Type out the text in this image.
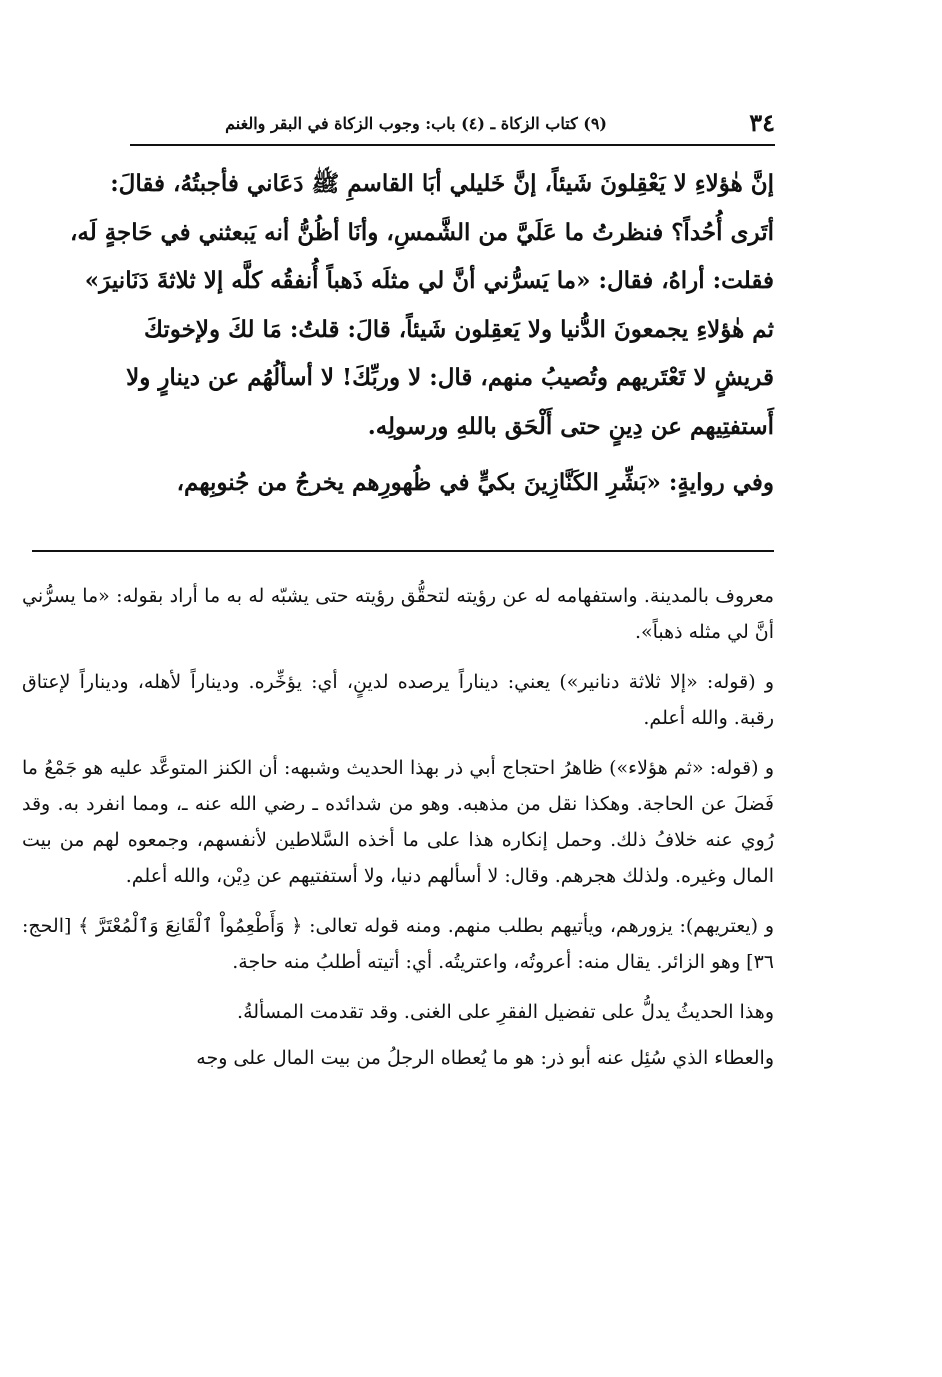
٣٤
(٩) كتاب الزكاة ـ (٤) باب: وجوب الزكاة في البقر والغنم

إنَّ هٰؤلاءِ لا يَعْقِلونَ شَيئاً، إنَّ خَليلي أبَا القاسمِ ﷺ دَعَاني فأجبتُهُ، فقالَ:

أتَرى أُحُداً؟ فنظرتُ ما عَلَيَّ من الشَّمسِ، وأنَا أظُنُّ أنه يَبعثني في حَاجةٍ لَه،

فقلت: أراهُ، فقال: «ما يَسرُّني أنَّ لي مثلَه ذَهباً أُنفقُه كلَّه إلا ثلاثةَ دَنَانيرَ»

ثم هٰؤلاءِ يجمعونَ الدُّنيا ولا يَعقِلون شَيئاً، قالَ: قلتُ: مَا لكَ ولإخوتكَ

قريشٍ لا تَعْتَريهم وتُصيبُ منهم، قال: لا وربِّكَ! لا أسألُهُم عن دينارٍ ولا

أَستفتِيهم عن دِينٍ حتى أَلْحَق باللهِ ورسولِه.

وفي روايةٍ: «بَشِّرِ الكَنَّازِينَ بكيٍّ في ظُهورِهم يخرجُ من جُنوبِهم،

معروف بالمدينة. واستفهامه له عن رؤيته لتحقُّق رؤيته حتى يشبّه له به ما أراد بقوله: «ما يسرُّني أنَّ لي مثله ذهباً».

و (قوله: «إلا ثلاثة دنانير») يعني: ديناراً يرصده لدينٍ، أي: يؤخِّره. وديناراً لأهله، وديناراً لإعتاق رقبة. والله أعلم.

و (قوله: «ثم هؤلاء») ظاهرُ احتجاج أبي ذر بهذا الحديث وشبهه: أن الكنز المتوعَّد عليه هو جَمْعُ ما فَضلَ عن الحاجة. وهكذا نقل من مذهبه. وهو من شدائده ـ رضي الله عنه ـ، ومما انفرد به. وقد رُوي عنه خلافُ ذلك. وحمل إنكاره هذا على ما أخذه السَّلاطين لأنفسهم، وجمعوه لهم من بيت المال وغيره. ولذلك هجرهم. وقال: لا أسألهم دنيا، ولا أستفتيهم عن دِيْن، والله أعلم.

و (يعتريهم): يزورهم، ويأتيهم بطلب منهم. ومنه قوله تعالى: ﴿ وَأَطْعِمُواْ ٱلْقَانِعَ وَٱلْمُعْتَرَّ ﴾ [الحج: ٣٦] وهو الزائر. يقال منه: أعروتُه، واعتريتُه. أي: أتيته أطلبُ منه حاجة.

وهذا الحديثُ يدلُّ على تفضيل الفقرِ على الغنى. وقد تقدمت المسألةُ.

والعطاء الذي سُئِل عنه أبو ذر: هو ما يُعطاه الرجلُ من بيت المال على وجه
